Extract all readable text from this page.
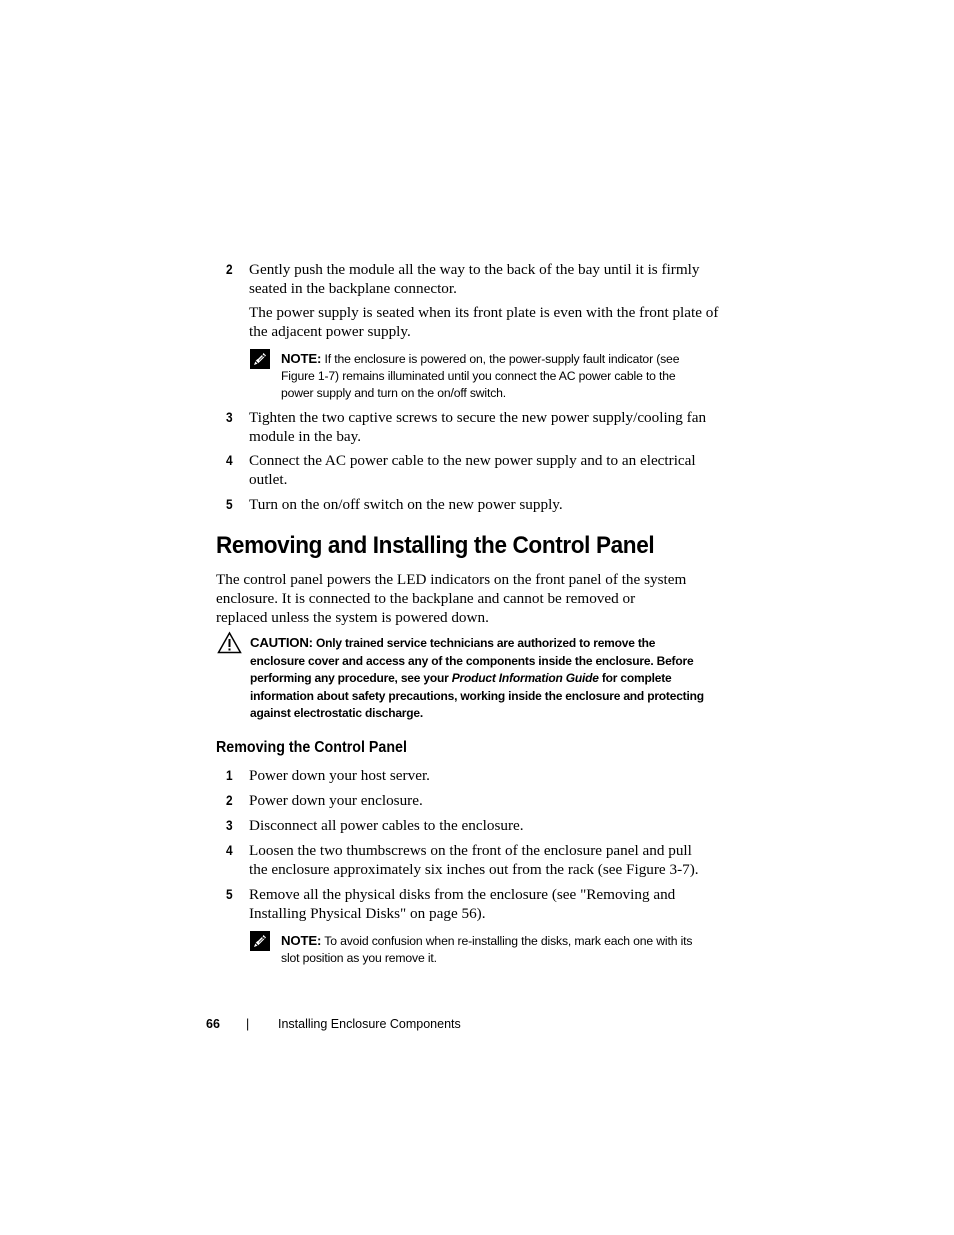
2	Gently push the module all the way to the back of the bay until it is firmly
seated in the backplane connector.
The power supply is seated when its front plate is even with the front plate of
the adjacent power supply.
NOTE: If the enclosure is powered on, the power-supply fault indicator (see
Figure 1-7) remains illuminated until you connect the AC power cable to the
power supply and turn on the on/off switch.
3	Tighten the two captive screws to secure the new power supply/cooling fan
module in the bay.
4	Connect the AC power cable to the new power supply and to an electrical
outlet.
5	Turn on the on/off switch on the new power supply.
Removing and Installing the Control Panel
The control panel powers the LED indicators on the front panel of the system
enclosure. It is connected to the backplane and cannot be removed or
replaced unless the system is powered down.
CAUTION: Only trained service technicians are authorized to remove the
enclosure cover and access any of the components inside the enclosure. Before
performing any procedure, see your Product Information Guide for complete
information about safety precautions, working inside the enclosure and protecting
against electrostatic discharge.
Removing the Control Panel
1	Power down your host server.
2	Power down your enclosure.
3	Disconnect all power cables to the enclosure.
4	Loosen the two thumbscrews on the front of the enclosure panel and pull
the enclosure approximately six inches out from the rack (see Figure 3-7).
5	Remove all the physical disks from the enclosure (see "Removing and
Installing Physical Disks" on page 56).
NOTE: To avoid confusion when re-installing the disks, mark each one with its
slot position as you remove it.
66 | Installing Enclosure Components
